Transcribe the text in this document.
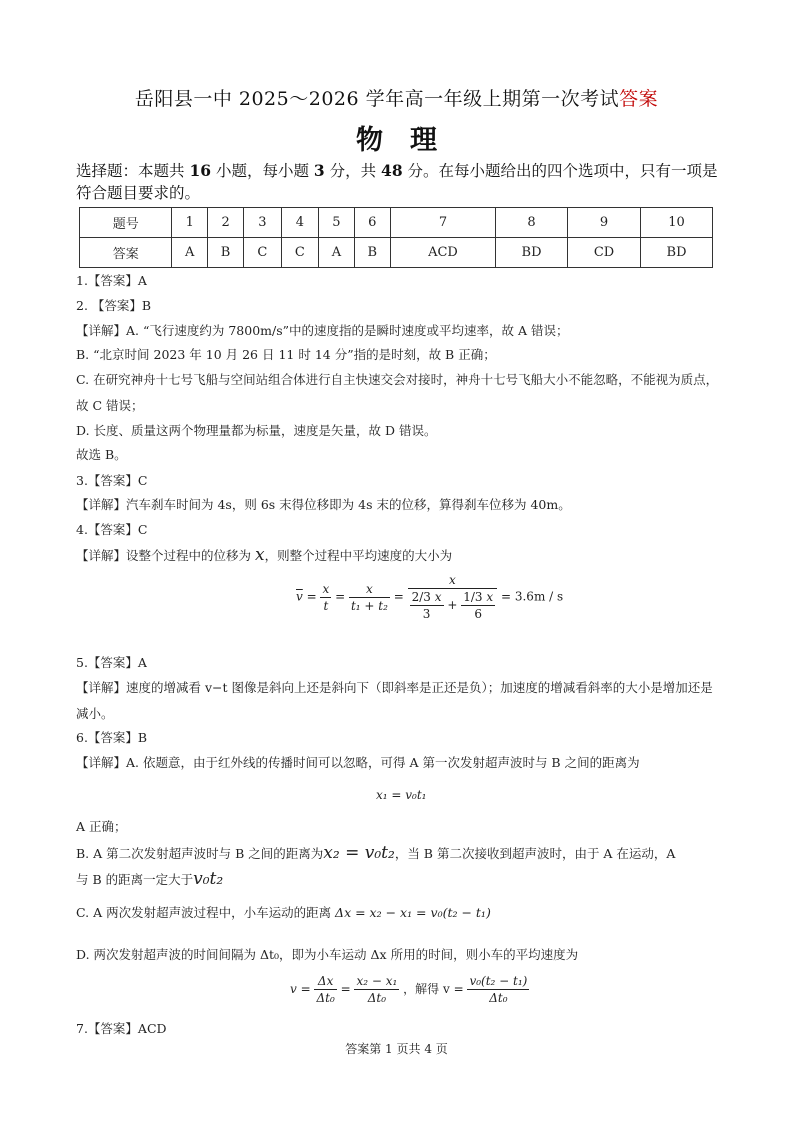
岳阳县一中 2025～2026 学年高一年级上期第一次考试答案
物　理
选择题：本题共 16 小题，每小题 3 分，共 48 分。在每小题给出的四个选项中，只有一项是符合题目要求的。
题号	1	2	3	4	5	6	7	8	9	10
答案	A	B	C	C	A	B	ACD	BD	CD	BD
1.【答案】A
2. 【答案】B
【详解】A. “飞行速度约为 7800m/s”中的速度指的是瞬时速度或平均速率，故 A 错误；
B. “北京时间 2023 年 10 月 26 日 11 时 14 分”指的是时刻，故 B 正确；
C. 在研究神舟十七号飞船与空间站组合体进行自主快速交会对接时，神舟十七号飞船大小不能忽略，不能视为质点，故 C 错误；
D. 长度、质量这两个物理量都为标量，速度是矢量，故 D 错误。
故选 B。
3.【答案】C
【详解】汽车刹车时间为 4s，则 6s 末得位移即为 4s 末的位移，算得刹车位移为 40m。
4.【答案】C
【详解】设整个过程中的位移为 x，则整个过程中平均速度的大小为
$\overline{v} = \frac{x}{t} = \frac{x}{\text{t₁ + t₂}} = \frac{x}{\frac{2/3 x}{3} + \frac{1/3 x}{6}} = 3.6m / s$
5.【答案】A
【详解】速度的增减看 v−t 图像是斜向上还是斜向下（即斜率是正还是负）；加速度的增减看斜率的大小是增加还是减小。
6.【答案】B
【详解】A. 依题意，由于红外线的传播时间可以忽略，可得 A 第一次发射超声波时与 B 之间的距离为
x₁ = v₀t₁
A 正确；
B. A 第二次发射超声波时与 B 之间的距离为x₂ = v₀t₂，当 B 第二次接收到超声波时，由于 A 在运动，A
与 B 的距离一定大于v₀t₂
C. A 两次发射超声波过程中，小车运动的距离 Δx = x₂ − x₁ = v₀(t₂ − t₁)
D. 两次发射超声波的时间间隔为 Δt₀，即为小车运动 Δx 所用的时间，则小车的平均速度为
$v = \frac{\Delta x}{\text{Δt₀}} = \frac{\text{x₂ − x₁}}{\text{Δt₀}}$ ，解得 $v = \frac{\text{v₀(t₂ − t₁)}}{\text{Δt₀}}$
7.【答案】ACD
答案第 1 页共 4 页
